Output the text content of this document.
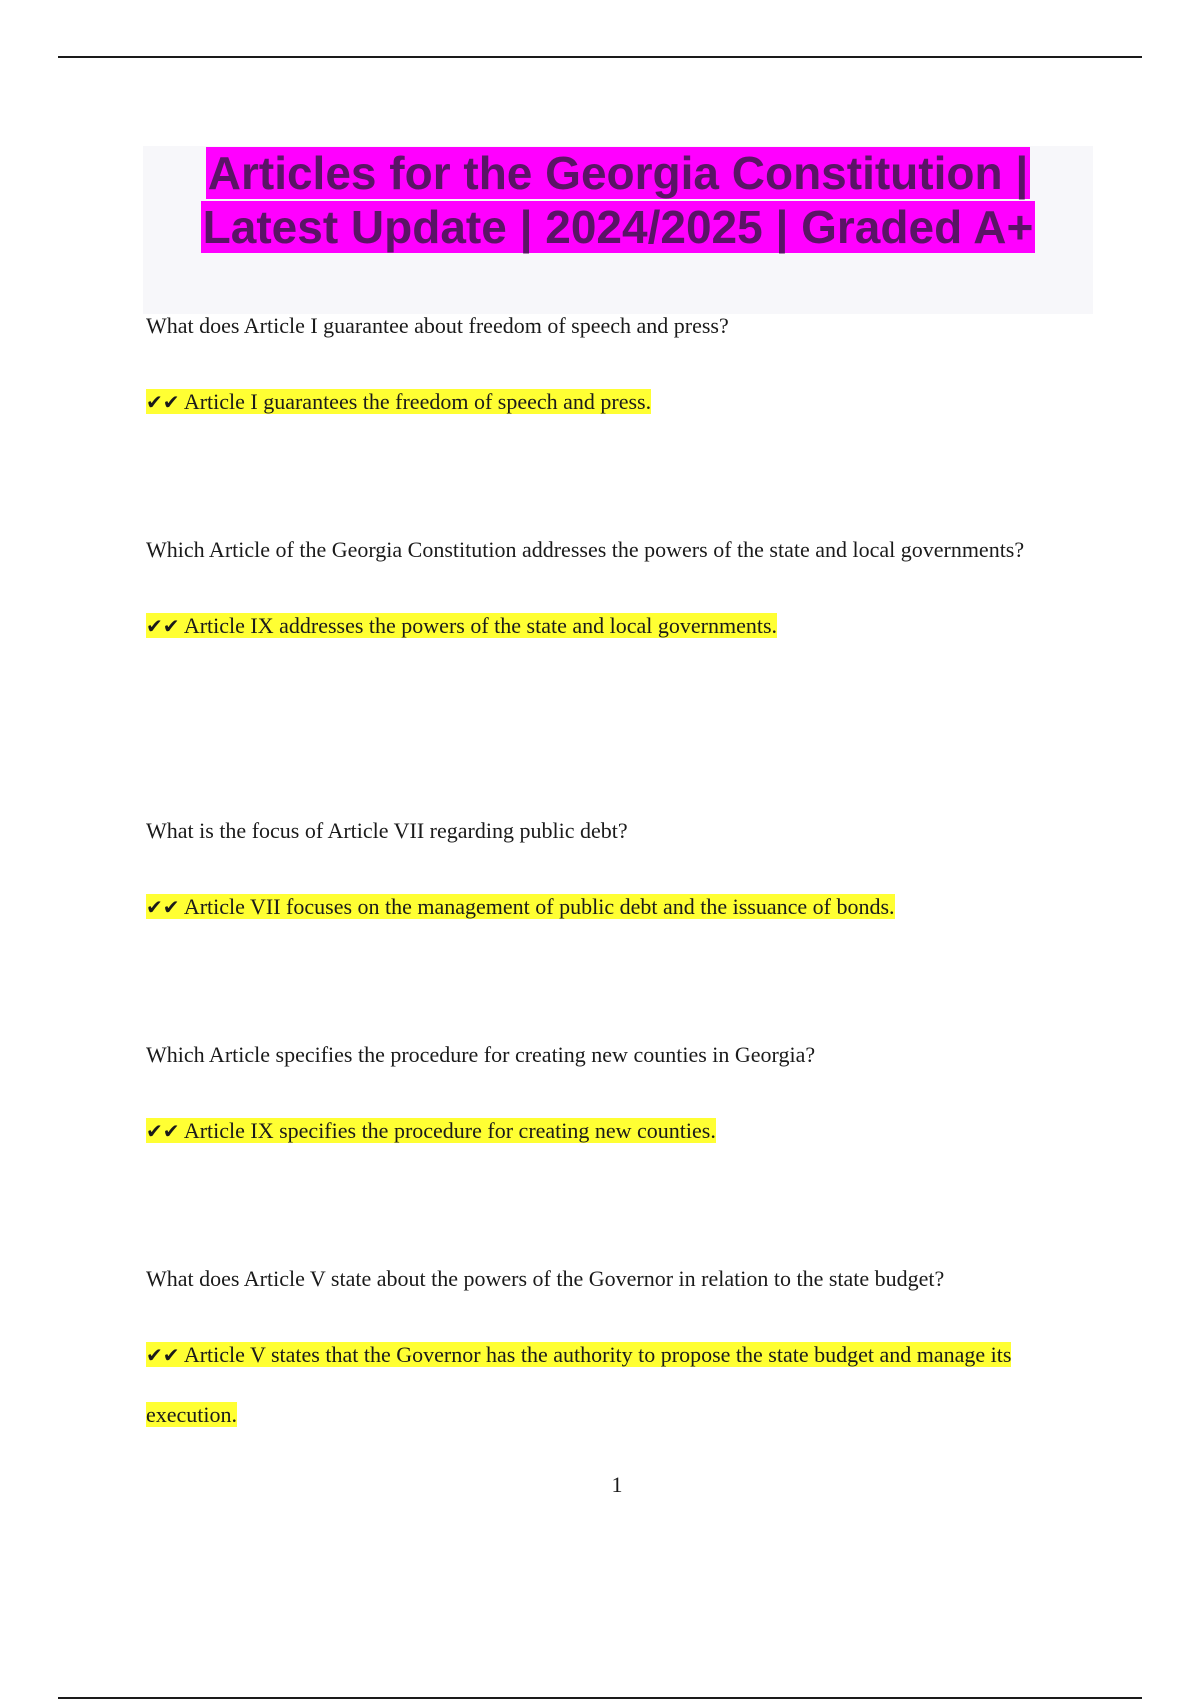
Articles for the Georgia Constitution | Latest Update | 2024/2025 | Graded A+

What does Article I guarantee about freedom of speech and press?

✔✔ Article I guarantees the freedom of speech and press.

Which Article of the Georgia Constitution addresses the powers of the state and local governments?

✔✔ Article IX addresses the powers of the state and local governments.

What is the focus of Article VII regarding public debt?

✔✔ Article VII focuses on the management of public debt and the issuance of bonds.

Which Article specifies the procedure for creating new counties in Georgia?

✔✔ Article IX specifies the procedure for creating new counties.

What does Article V state about the powers of the Governor in relation to the state budget?

✔✔ Article V states that the Governor has the authority to propose the state budget and manage its execution.

1
